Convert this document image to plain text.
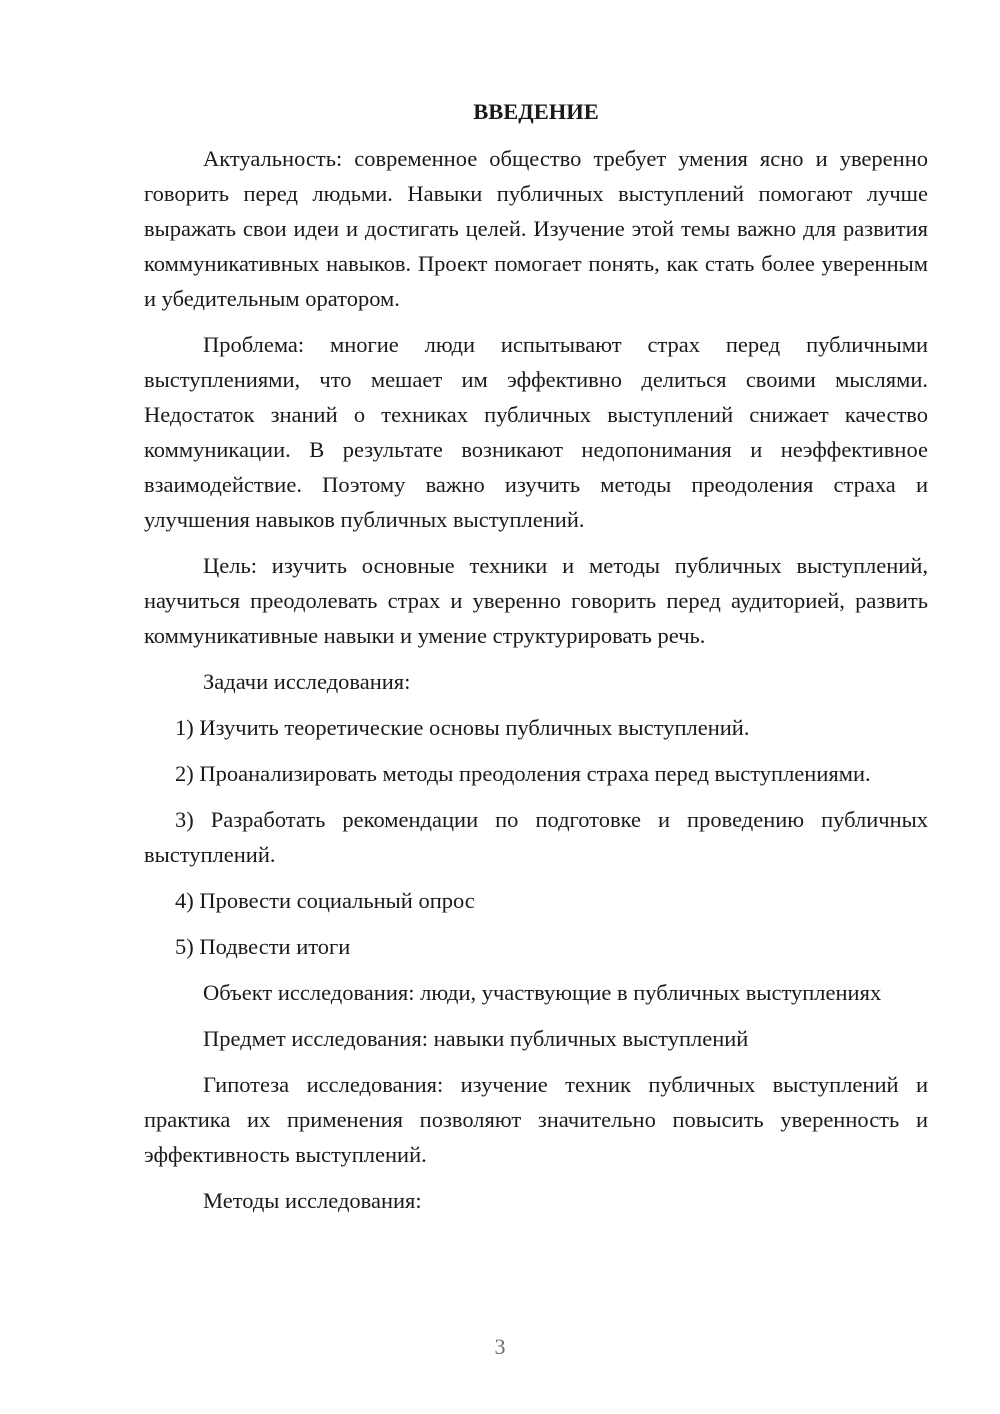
ВВЕДЕНИЕ

Актуальность: современное общество требует умения ясно и уверенно говорить перед людьми. Навыки публичных выступлений помогают лучше выражать свои идеи и достигать целей. Изучение этой темы важно для развития коммуникативных навыков. Проект помогает понять, как стать более уверенным и убедительным оратором.

Проблема: многие люди испытывают страх перед публичными выступлениями, что мешает им эффективно делиться своими мыслями. Недостаток знаний о техниках публичных выступлений снижает качество коммуникации. В результате возникают недопонимания и неэффективное взаимодействие. Поэтому важно изучить методы преодоления страха и улучшения навыков публичных выступлений.

Цель: изучить основные техники и методы публичных выступлений, научиться преодолевать страх и уверенно говорить перед аудиторией, развить коммуникативные навыки и умение структурировать речь.

Задачи исследования:

1) Изучить теоретические основы публичных выступлений.

2) Проанализировать методы преодоления страха перед выступлениями.

3) Разработать рекомендации по подготовке и проведению публичных выступлений.

4) Провести социальный опрос

5) Подвести итоги

Объект исследования: люди, участвующие в публичных выступлениях

Предмет исследования: навыки публичных выступлений

Гипотеза исследования: изучение техник публичных выступлений и практика их применения позволяют значительно повысить уверенность и эффективность выступлений.

Методы исследования:

3
